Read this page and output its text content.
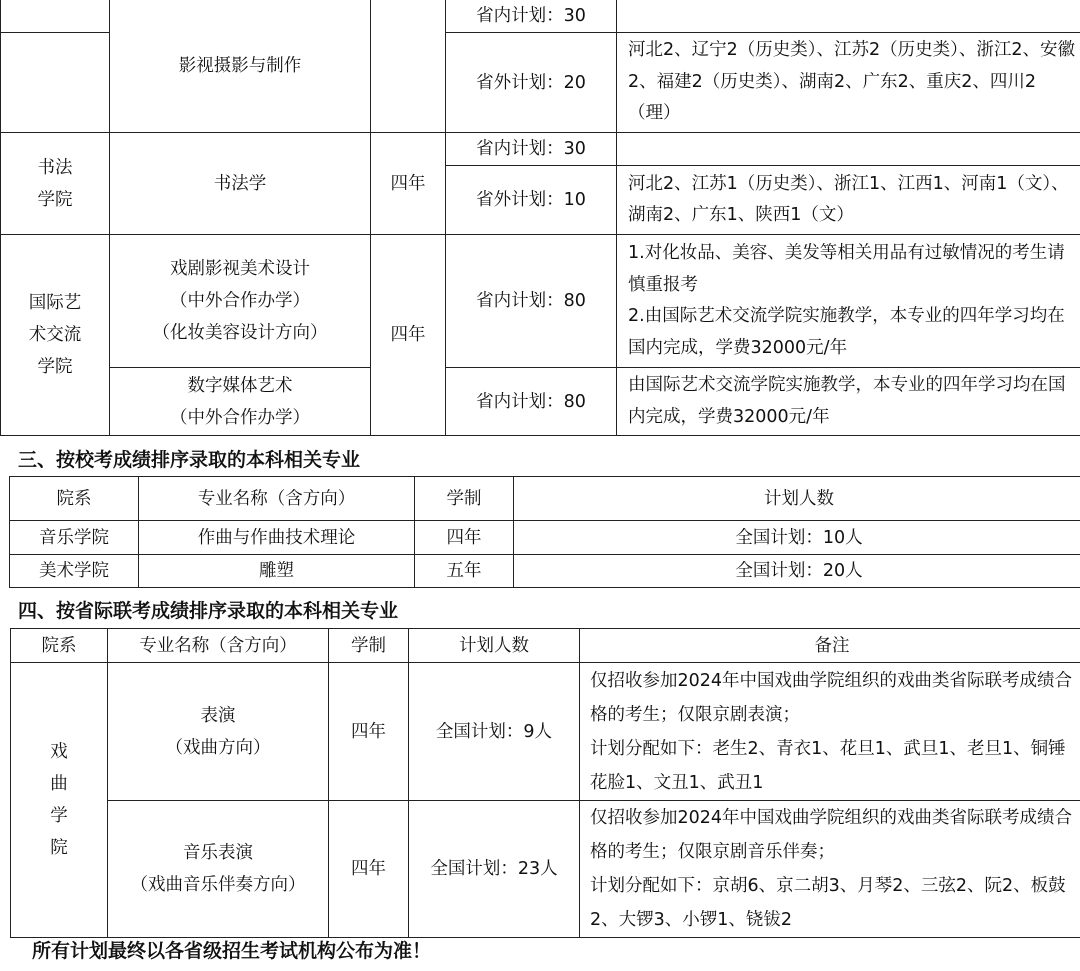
	影视摄影与制作		省内计划：30	
			省外计划：20	河北2、辽宁2（历史类）、江苏2（历史类）、浙江2、安徽2、福建2（历史类）、湖南2、广东2、重庆2、四川2（理）
书法
学院	书法学	四年	省内计划：30	
			省外计划：10	河北2、江苏1（历史类）、浙江1、江西1、河南1（文）、湖南2、广东1、陕西1（文）
国际艺
术交流
学院	戏剧影视美术设计
（中外合作办学）
（化妆美容设计方向）	四年	省内计划：80	1.对化妆品、美容、美发等相关用品有过敏情况的考生请慎重报考
2.由国际艺术交流学院实施教学，本专业的四年学习均在国内完成，学费32000元/年
	数字媒体艺术
（中外合作办学）		省内计划：80	由国际艺术交流学院实施教学，本专业的四年学习均在国内完成，学费32000元/年
三、按校考成绩排序录取的本科相关专业
院系	专业名称（含方向）	学制	计划人数
音乐学院	作曲与作曲技术理论	四年	全国计划：10人
美术学院	雕塑	五年	全国计划：20人
四、按省际联考成绩排序录取的本科相关专业
院系	专业名称（含方向）	学制	计划人数	备注
戏
曲
学
院	表演
（戏曲方向）	四年	全国计划：9人	仅招收参加2024年中国戏曲学院组织的戏曲类省际联考成绩合格的考生；仅限京剧表演；
计划分配如下：老生2、青衣1、花旦1、武旦1、老旦1、铜锤花脸1、文丑1、武丑1
	音乐表演
（戏曲音乐伴奏方向）	四年	全国计划：23人	仅招收参加2024年中国戏曲学院组织的戏曲类省际联考成绩合格的考生；仅限京剧音乐伴奏；
计划分配如下：京胡6、京二胡3、月琴2、三弦2、阮2、板鼓2、大锣3、小锣1、铙钹2
所有计划最终以各省级招生考试机构公布为准！
